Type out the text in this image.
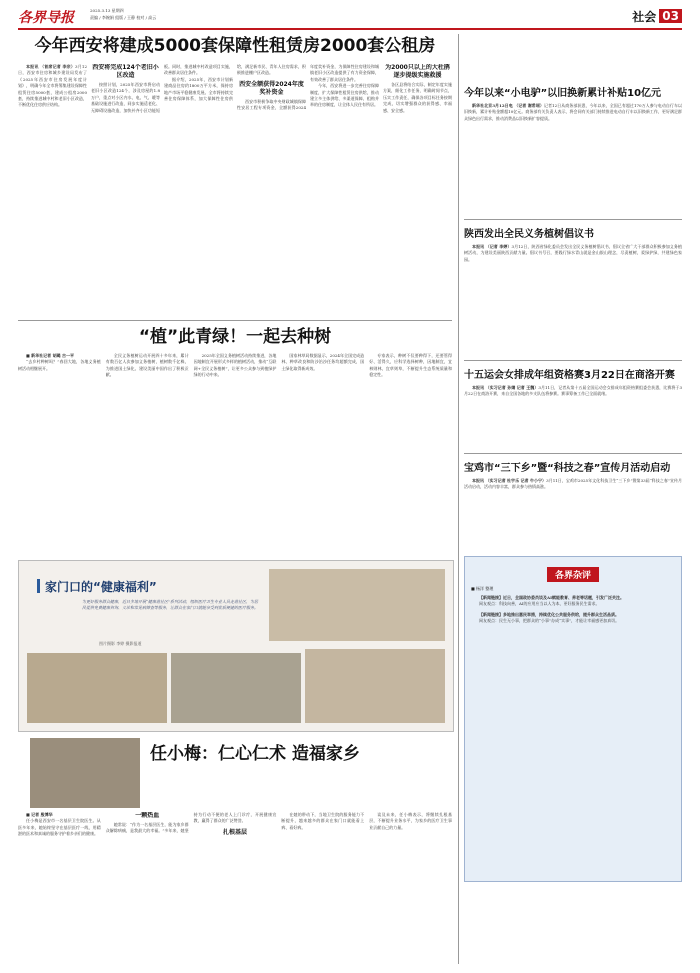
各界导报	2025.3.13 星期四
责编 / 李婉娟 组版 / 王静 校对 / 高云	社会 03
今年西安将建成5000套保障性租赁房2000套公租房

本报讯 （首席记者 李宗）3月12日，西安市住房和城乡建设局发布了《2025年西安市住房发展年度计划》，明确今年全市将筹集建设保障性租赁住房5000套，建成公租房2000套，持续推进城中村和老旧小区改造，不断优化住房供应结构。

西安将完成124个老旧小区改造

按照计划，2025年西安市将启动老旧小区改造124个，涉及房屋约1.8万户，重点对小区内水、电、气、暖等基础设施进行改造，同步实施适老化、无障碍设施改造，加快补齐小区功能短板。同时，推进城中村改造项目实施，改善群众居住条件。

据介绍，2025年，西安市计划新建商品住房约1800万平方米，保持房地产市场平稳健康发展。全市将持续完善住房保障体系，加大保障性住房供给，满足新市民、青年人住房需求，积极推进棚户区改造。

西安全额获得2024年度奖补资金

西安市积极争取中央财政城镇保障性安居工程专项资金，全额获得2024年度奖补资金，为保障性住房建设和城镇老旧小区改造提供了有力资金保障，有效改善了群众居住条件。

今年，西安将进一步完善住房保障制度，扩大保障性租赁住房供给，推动建立多主体供给、多渠道保障、租购并举的住房制度，让全体人民住有所居。

为2000只以上的大杜鹃逐步提级实施救援

各区县将结合实际，制定年度实施方案，细化工作任务，明确时间节点，压实工作责任，确保各项目标任务按期完成，切实增强群众的获得感、幸福感、安全感。

“植”此青绿！一起去种树

■ 新华社记者 胡璐 古一平

“去乡村种树吗？”春回大地，各地义务植树活动相继展开。

全民义务植树运动开展四十多年来，累计有数百亿人次参加义务植树，植树数千亿株，为推进国土绿化、建设美丽中国作出了积极贡献。

2025年全国义务植树活动持续推进，各地因地制宜开展形式多样的植树活动，推动“互联网+全民义务植树”，让更多公众参与到植绿护绿的行动中来。

国家林草局数据显示，2024年全国完成造林、种草改良和防沙治沙任务均超额完成，国土绿化取得新成效。

专家表示，种树不仅要种得下，还要管得好、活得久，应科学选择树种，因地制宜，宜林则林、宜草则草，不断提升生态系统质量和稳定性。

家门口的“健康福利”
为更好服务群众健康，近日多地开展“健康进社区”系列活动，组织医疗卫生专业人员走进社区，为居民提供免费健康咨询、义诊和常见病筛查等服务，让群众在家门口就能享受到优质便捷的医疗服务。
图片摄影 李婷 摄影报道
任小梅：仁心仁术 造福家乡

■ 记者 殷博华

任小梅是西安市一名基层卫生院医生。从医多年来，她始终坚守在基层医疗一线，用精湛的医术和真诚的服务守护着乡亲们的健康。

一颗热血

她常说：“作为一名基层医生，能为家乡群众解除病痛，是我最大的幸福。”多年来，她坚持为行动不便的老人上门诊疗，开展健康宣教，赢得了群众的广泛赞誉。

扎根基层

在她的带动下，当地卫生院的服务能力不断提升，越来越多的群众在家门口就能看上病、看好病。

谈及未来，任小梅表示，将继续扎根基层，不断提升业务水平，为家乡的医疗卫生事业贡献自己的力量。

今年以来“小电驴”以旧换新累计补贴10亿元

新华社北京3月12日电 （记者 谢希瑶）记者12日从商务部获悉，今年以来，全国已有超过170万人参与电动自行车以旧换新，累计补贴金额超10亿元。商务部有关负责人表示，将会同有关部门持续推进电动自行车以旧换新工作，更好满足群众绿色出行需求，推动消费品以旧换新扩容提质。

陕西发出全民义务植树倡议书

本报讯 （记者 李婷）3月12日，陕西省绿化委员会发出全民义务植树倡议书，倡议全省广大干部群众积极参加义务植树活动，为建设美丽陕西贡献力量。倡议书号召，要践行绿水青山就是金山银山理念，尽责植树，爱绿护绿，共建绿色家园。

十五运会女排成年组资格赛3月22日在商洛开赛

本报讯 （实习记者 孙婧 记者 王魏）3月11日，记者从第十五届全国运动会女排成年组资格赛组委会获悉，比赛将于3月22日在商洛开赛，来自全国各地的多支队伍将参赛。赛事筹备工作已全面就绪。

宝鸡市“三下乡”暨“科技之春”宣传月活动启动

本报讯 （实习记者 杜宇乐 记者 牛小宁）3月11日，宝鸡市2025年文化科技卫生“三下乡”暨第33届“科技之春”宣传月活动启动，活动内容丰富，群众参与热情高涨。

各界杂评
■ 杨洋 整理

【新闻链接】近日，全国政协委员谈及AI赋能教育、养老等话题，引发广泛关注。

网友观点：科技向善，AI的应用应当以人为本，更好服务民生需求。

【新闻链接】多地推出惠民举措，持续优化公共服务供给，提升群众生活品质。

网友观点：民生无小事，把群众的“小事”办成“实事”，才能让幸福感更加真切。
